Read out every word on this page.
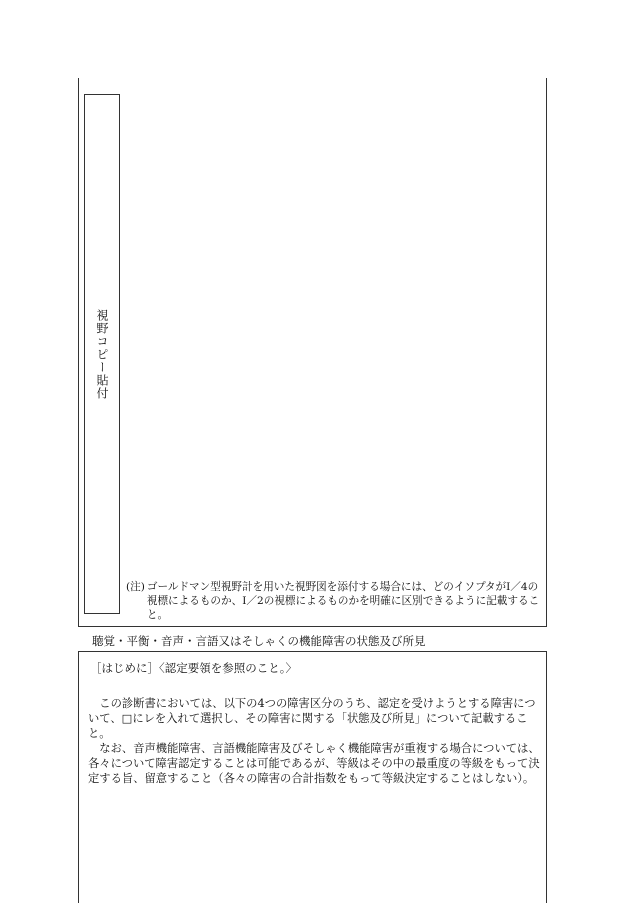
視野コピー貼付
(注) ゴールドマン型視野計を用いた視野図を添付する場合には、どのイソプタがⅠ／4の視標によるものか、Ⅰ／2の視標によるものかを明確に区別できるように記載すること。
聴覚・平衡・音声・言語又はそしゃくの機能障害の状態及び所見
［はじめに］〈認定要領を参照のこと。〉

この診断書においては、以下の4つの障害区分のうち、認定を受けようとする障害について、□にレを入れて選択し、その障害に関する「状態及び所見」について記載すること。

なお、音声機能障害、言語機能障害及びそしゃく機能障害が重複する場合については、各々について障害認定することは可能であるが、等級はその中の最重度の等級をもって決定する旨、留意すること（各々の障害の合計指数をもって等級決定することはしない）。
